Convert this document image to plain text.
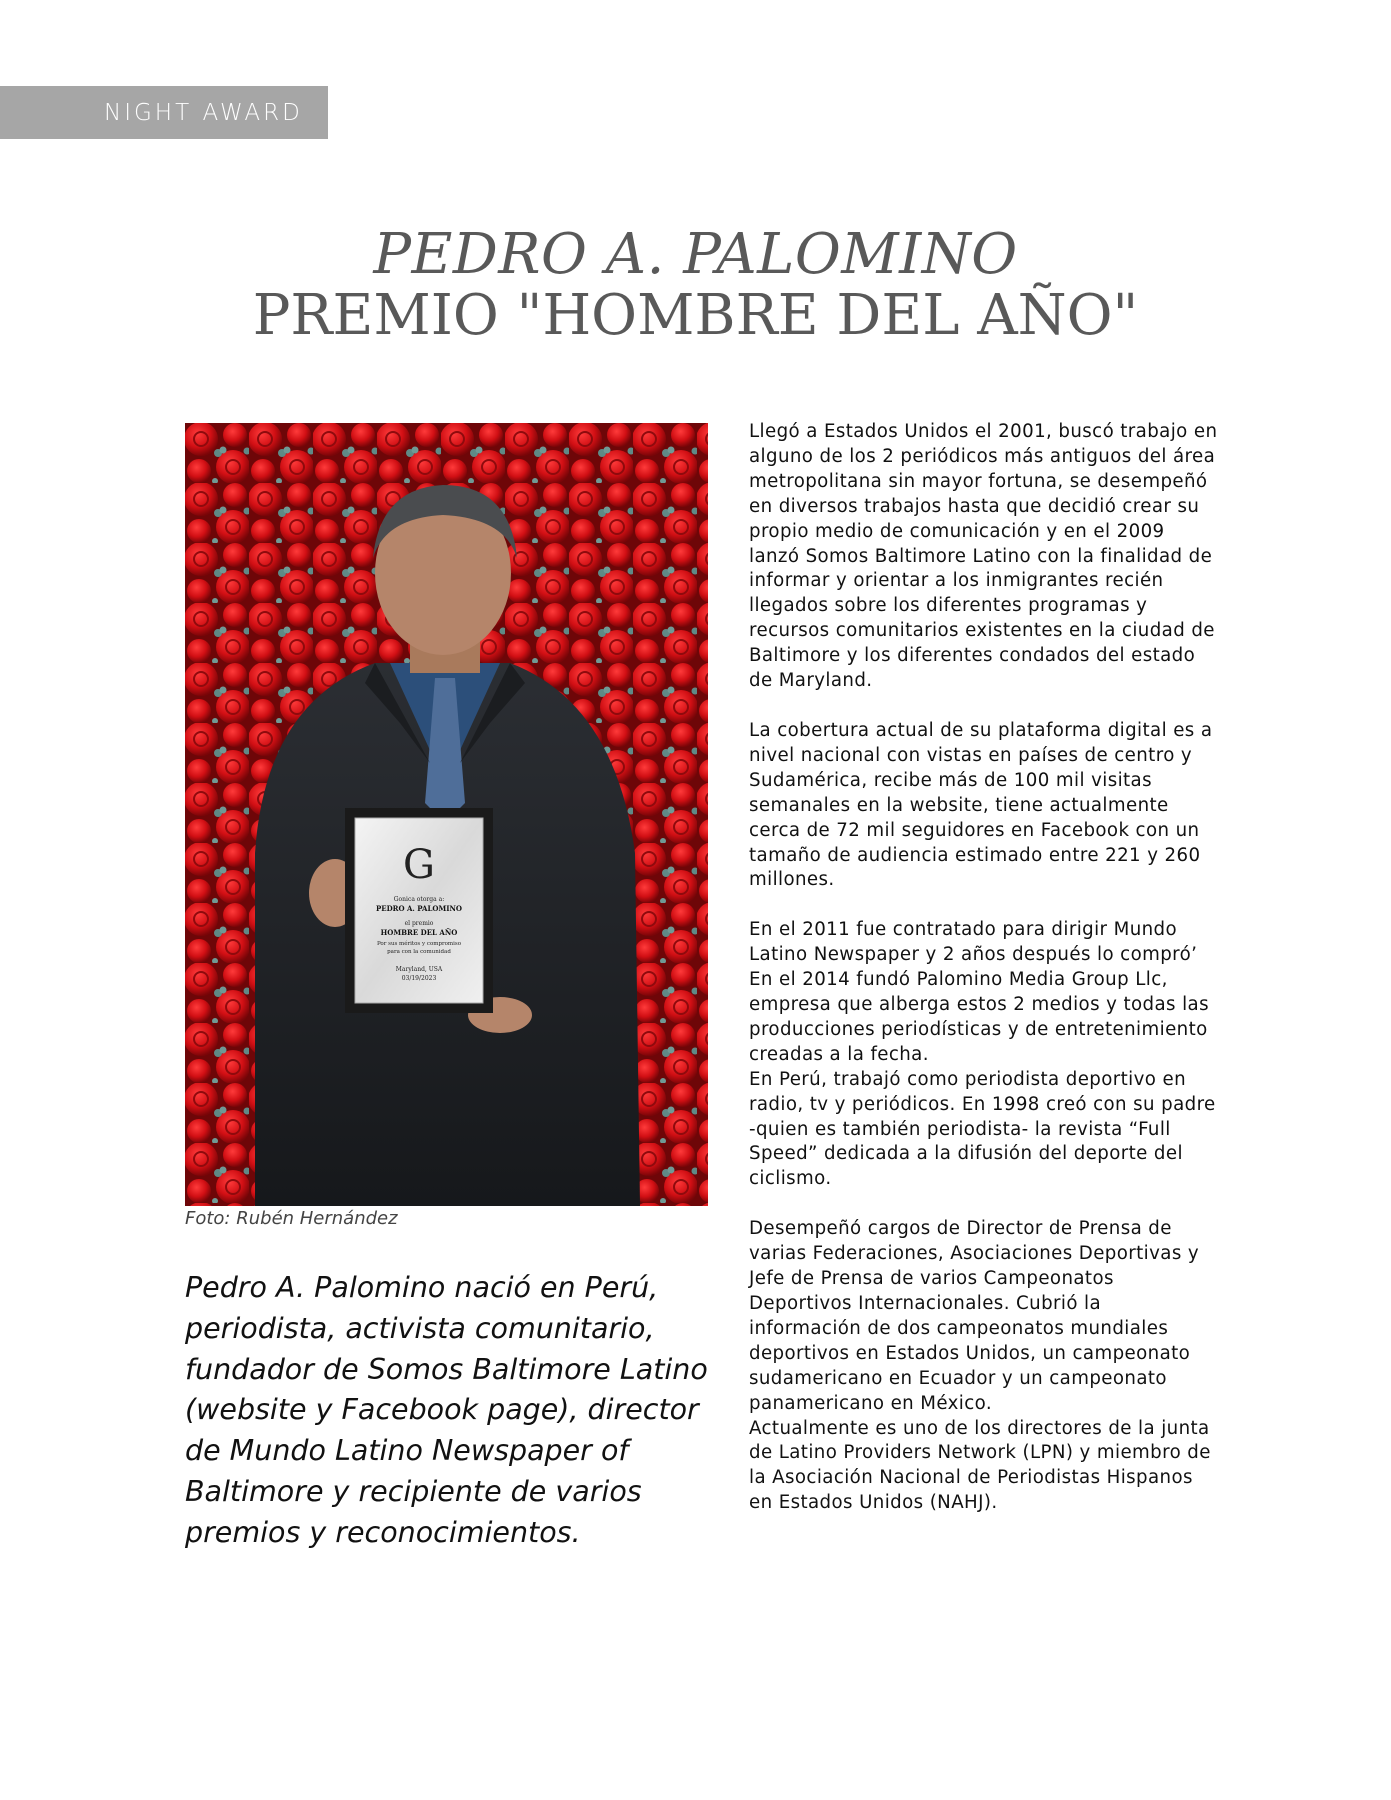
NIGHT AWARD
PEDRO A. PALOMINO
PREMIO "HOMBRE DEL AÑO"
G
Gonica otorga a:
PEDRO A. PALOMINO
el premio
HOMBRE DEL AÑO
Por sus méritos y compromiso
para con la comunidad
Maryland, USA
03/19/2023
Foto: Rubén Hernández

Pedro A. Palomino nació en Perú, periodista, activista comunitario, fundador de Somos Baltimore Latino (website y Facebook page), director de Mundo Latino Newspaper of Baltimore y recipiente de varios premios y reconocimientos.

Llegó a Estados Unidos el 2001, buscó trabajo en alguno de los 2 periódicos más antiguos del área metropolitana sin mayor fortuna, se desempeñó en diversos trabajos hasta que decidió crear su propio medio de comunicación y en el 2009 lanzó Somos Baltimore Latino con la finalidad de informar y orientar a los inmigrantes recién llegados sobre los diferentes programas y recursos comunitarios existentes en la ciudad de Baltimore y los diferentes condados del estado de Maryland.

La cobertura actual de su plataforma digital es a nivel nacional con vistas en países de centro y Sudamérica, recibe más de 100 mil visitas semanales en la website, tiene actualmente cerca de 72 mil seguidores en Facebook con un tamaño de audiencia estimado entre 221 y 260 millones.

En el 2011 fue contratado para dirigir Mundo Latino Newspaper y 2 años después lo compró’
En el 2014 fundó Palomino Media Group Llc, empresa que alberga estos 2 medios y todas las producciones periodísticas y de entretenimiento creadas a la fecha.
En Perú, trabajó como periodista deportivo en radio, tv y periódicos. En 1998 creó con su padre -quien es también periodista- la revista “Full Speed” dedicada a la difusión del deporte del ciclismo.

Desempeñó cargos de Director de Prensa de varias Federaciones, Asociaciones Deportivas y Jefe de Prensa de varios Campeonatos Deportivos Internacionales. Cubrió la información de dos campeonatos mundiales deportivos en Estados Unidos, un campeonato sudamericano en Ecuador y un campeonato panamericano en México.
Actualmente es uno de los directores de la junta de Latino Providers Network (LPN) y miembro de la Asociación Nacional de Periodistas Hispanos en Estados Unidos (NAHJ).
